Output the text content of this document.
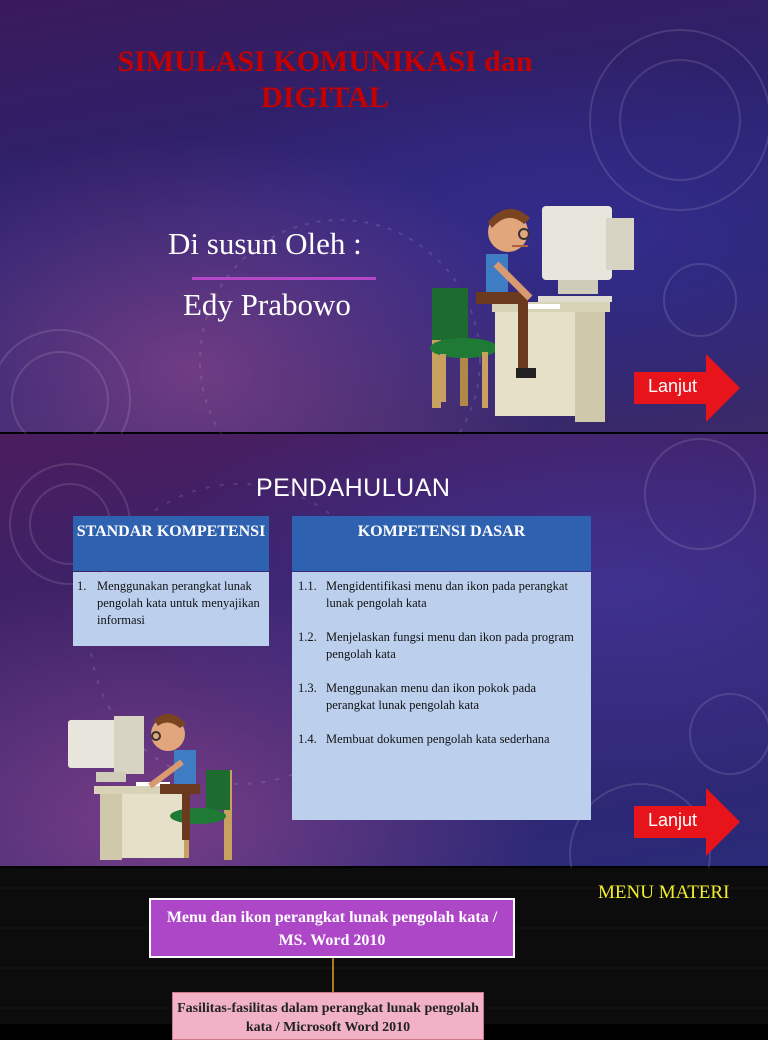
SIMULASI KOMUNIKASI dan DIGITAL
Di susun Oleh :
Edy Prabowo
Lanjut
PENDAHULUAN
STANDAR KOMPETENSI
1. Menggunakan perangkat lunak pengolah kata untuk menyajikan informasi
KOMPETENSI DASAR
1.1. Mengidentifikasi menu dan ikon pada perangkat lunak pengolah kata
1.2. Menjelaskan fungsi menu dan ikon pada program pengolah kata
1.3. Menggunakan menu dan ikon pokok pada perangkat lunak pengolah kata
1.4. Membuat dokumen pengolah kata sederhana
Lanjut
MENU MATERI
Menu dan ikon perangkat lunak pengolah kata / MS. Word 2010
Fasilitas-fasilitas dalam perangkat lunak pengolah kata / Microsoft Word 2010
